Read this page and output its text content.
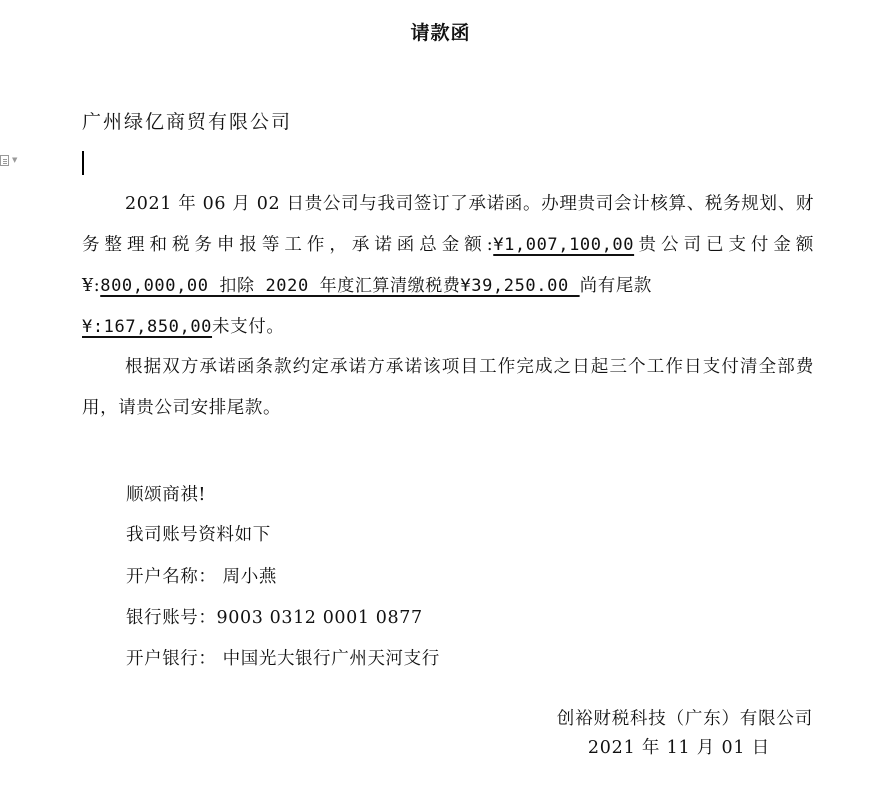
请款函
广州绿亿商贸有限公司
▼
2021 年 06 月 02 日贵公司与我司签订了承诺函。办理贵司会计核算、税务规划、财务整理和税务申报等工作，承诺函总金额:¥1,007,100,00贵公司已支付金额¥:800,000,00 扣除 2020 年度汇算清缴税费¥39,250.00 尚有尾款
¥:167,850,00未支付。
根据双方承诺函条款约定承诺方承诺该项目工作完成之日起三个工作日支付清全部费用，请贵公司安排尾款。
顺颂商祺!
我司账号资料如下
开户名称： 周小燕
银行账号：9003 0312 0001 0877
开户银行： 中国光大银行广州天河支行
创裕财税科技（广东）有限公司
2021 年 11 月 01 日
